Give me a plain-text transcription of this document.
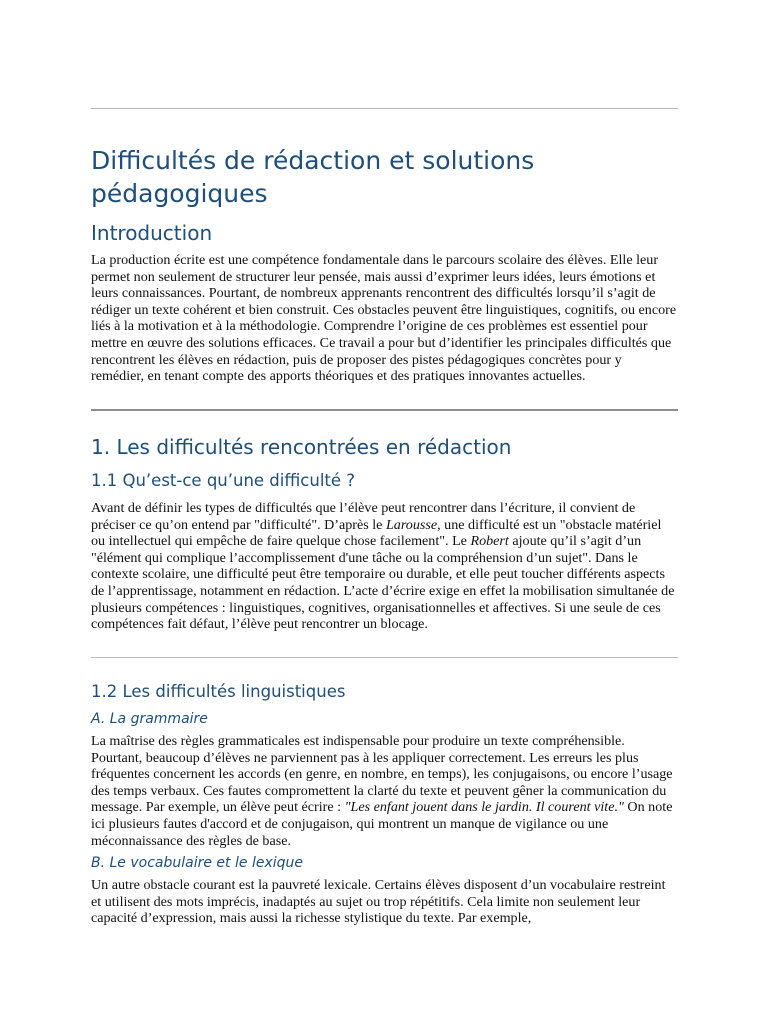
Difficultés de rédaction et solutions pédagogiques
Introduction

La production écrite est une compétence fondamentale dans le parcours scolaire des élèves. Elle leur permet non seulement de structurer leur pensée, mais aussi d’exprimer leurs idées, leurs émotions et leurs connaissances. Pourtant, de nombreux apprenants rencontrent des difficultés lorsqu’il s’agit de rédiger un texte cohérent et bien construit. Ces obstacles peuvent être linguistiques, cognitifs, ou encore liés à la motivation et à la méthodologie. Comprendre l’origine de ces problèmes est essentiel pour mettre en œuvre des solutions efficaces. Ce travail a pour but d’identifier les principales difficultés que rencontrent les élèves en rédaction, puis de proposer des pistes pédagogiques concrètes pour y remédier, en tenant compte des apports théoriques et des pratiques innovantes actuelles.

1. Les difficultés rencontrées en rédaction
1.1 Qu’est-ce qu’une difficulté ?

Avant de définir les types de difficultés que l’élève peut rencontrer dans l’écriture, il convient de préciser ce qu’on entend par "difficulté". D’après le Larousse, une difficulté est un "obstacle matériel ou intellectuel qui empêche de faire quelque chose facilement". Le Robert ajoute qu’il s’agit d’un "élément qui complique l’accomplissement d'une tâche ou la compréhension d’un sujet". Dans le contexte scolaire, une difficulté peut être temporaire ou durable, et elle peut toucher différents aspects de l’apprentissage, notamment en rédaction. L’acte d’écrire exige en effet la mobilisation simultanée de plusieurs compétences : linguistiques, cognitives, organisationnelles et affectives. Si une seule de ces compétences fait défaut, l’élève peut rencontrer un blocage.

1.2 Les difficultés linguistiques
A. La grammaire

La maîtrise des règles grammaticales est indispensable pour produire un texte compréhensible. Pourtant, beaucoup d’élèves ne parviennent pas à les appliquer correctement. Les erreurs les plus fréquentes concernent les accords (en genre, en nombre, en temps), les conjugaisons, ou encore l’usage des temps verbaux. Ces fautes compromettent la clarté du texte et peuvent gêner la communication du message. Par exemple, un élève peut écrire : "Les enfant jouent dans le jardin. Il courent vite." On note ici plusieurs fautes d'accord et de conjugaison, qui montrent un manque de vigilance ou une méconnaissance des règles de base.

B. Le vocabulaire et le lexique

Un autre obstacle courant est la pauvreté lexicale. Certains élèves disposent d’un vocabulaire restreint et utilisent des mots imprécis, inadaptés au sujet ou trop répétitifs. Cela limite non seulement leur capacité d’expression, mais aussi la richesse stylistique du texte. Par exemple,
